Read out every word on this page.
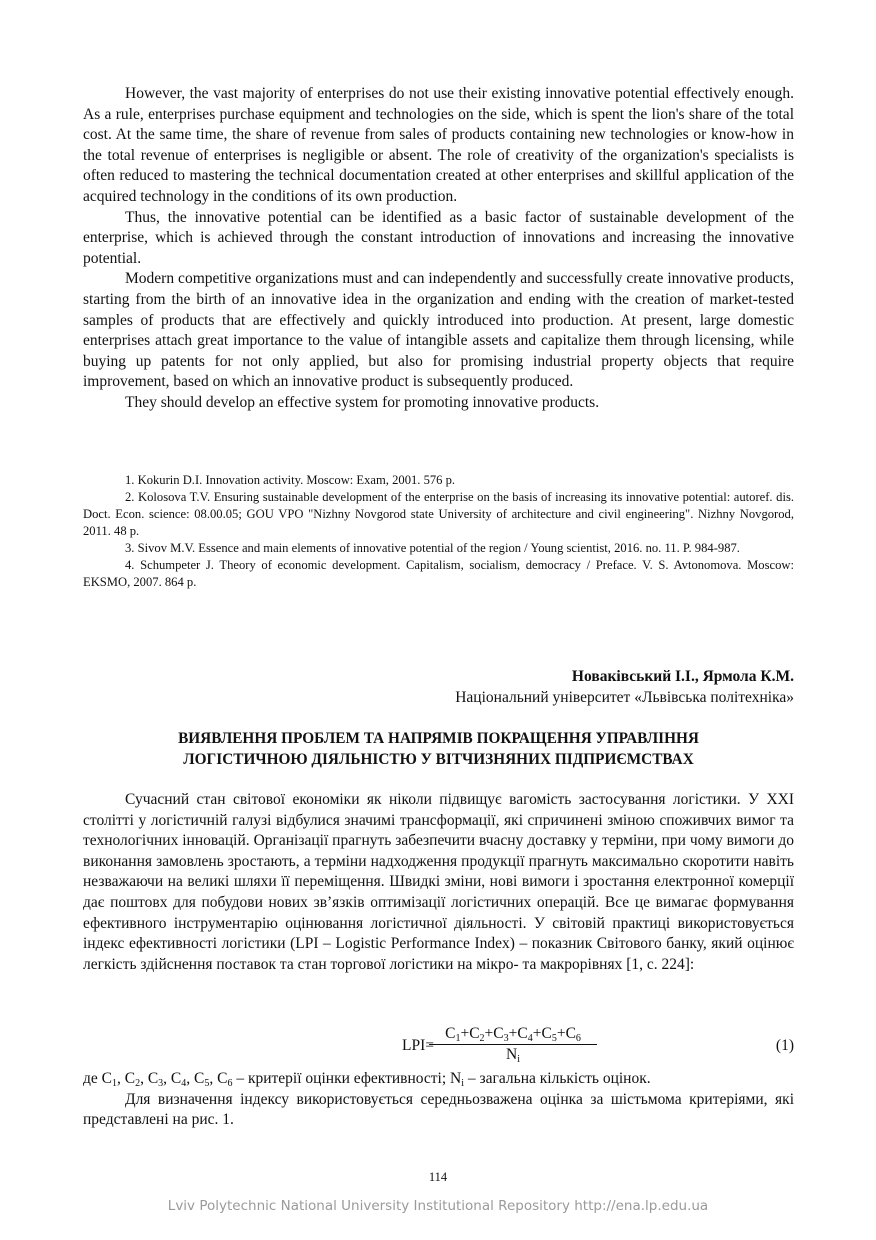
However, the vast majority of enterprises do not use their existing innovative potential effectively enough. As a rule, enterprises purchase equipment and technologies on the side, which is spent the lion's share of the total cost. At the same time, the share of revenue from sales of products containing new technologies or know-how in the total revenue of enterprises is negligible or absent. The role of creativity of the organization's specialists is often reduced to mastering the technical documentation created at other enterprises and skillful application of the acquired technology in the conditions of its own production.

Thus, the innovative potential can be identified as a basic factor of sustainable development of the enterprise, which is achieved through the constant introduction of innovations and increasing the innovative potential.

Modern competitive organizations must and can independently and successfully create innovative products, starting from the birth of an innovative idea in the organization and ending with the creation of market-tested samples of products that are effectively and quickly introduced into production. At present, large domestic enterprises attach great importance to the value of intangible assets and capitalize them through licensing, while buying up patents for not only applied, but also for promising industrial property objects that require improvement, based on which an innovative product is subsequently produced.

They should develop an effective system for promoting innovative products.

1. Kokurin D.I. Innovation activity. Moscow: Exam, 2001. 576 p.

2. Kolosova T.V. Ensuring sustainable development of the enterprise on the basis of increasing its innovative potential: autoref. dis. Doct. Econ. science: 08.00.05; GOU VPO "Nizhny Novgorod state University of architecture and civil engineering". Nizhny Novgorod, 2011. 48 p.

3. Sivov M.V. Essence and main elements of innovative potential of the region / Young scientist, 2016. no. 11. P. 984-987.

4. Schumpeter J. Theory of economic development. Capitalism, socialism, democracy / Preface. V. S. Avtonomova. Moscow: EKSMO, 2007. 864 p.

Новаківський І.І., Ярмола К.М.
Національний університет «Львівська політехніка»
ВИЯВЛЕННЯ ПРОБЛЕМ ТА НАПРЯМІВ ПОКРАЩЕННЯ УПРАВЛІННЯ
ЛОГІСТИЧНОЮ ДІЯЛЬНІСТЮ У ВІТЧИЗНЯНИХ ПІДПРИЄМСТВАХ

Сучасний стан світової економіки як ніколи підвищує вагомість застосування логістики. У XXI столітті у логістичній галузі відбулися значимі трансформації, які спричинені зміною споживчих вимог та технологічних інновацій. Організації прагнуть забезпечити вчасну доставку у терміни, при чому вимоги до виконання замовлень зростають, а терміни надходження продукції прагнуть максимально скоротити навіть незважаючи на великі шляхи її переміщення. Швидкі зміни, нові вимоги і зростання електронної комерції дає поштовх для побудови нових зв’язків оптимізації логістичних операцій. Все це вимагає формування ефективного інструментарію оцінювання логістичної діяльності. У світовій практиці використовується індекс ефективності логістики (LPI – Logistic Performance Index) – показник Світового банку, який оцінює легкість здійснення поставок та стан торгової логістики на мікро- та макрорівнях [1, с. 224]:

LPI=
$\frac{C_1+C_2+C_3+C_4+C_5+C_6}{N_i}$	(1)

де $C_1$, $C_2$, $C_3$, $C_4$, $C_5$, $C_6$ – критерії оцінки ефективності; $N_i$ – загальна кількість оцінок.

Для визначення індексу використовується середньозважена оцінка за шістьмома критеріями, які представлені на рис. 1.

114
Lviv Polytechnic National University Institutional Repository http://ena.lp.edu.ua
